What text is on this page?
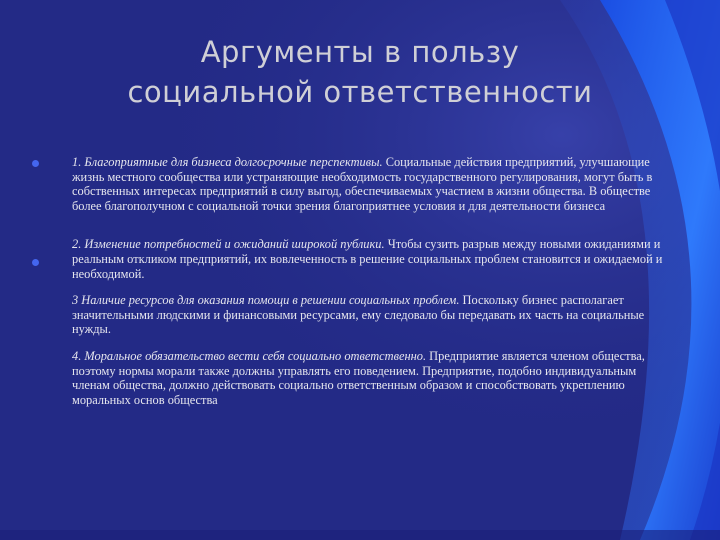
Аргументы в пользу
социальной ответственности

1. Благоприятные для бизнеса долгосрочные перспективы. Социальные действия предприятий, улучшающие жизнь местного сообщества или устраняющие необходимость государственного регулирования, могут быть в собственных интересах предприятий в силу выгод, обеспечиваемых участием в жизни общества. В обществе более благополучном с социальной точки зрения благоприятнее условия и для деятельности бизнеса

2. Изменение потребностей и ожиданий широкой публики. Чтобы сузить разрыв между новыми ожиданиями и реальным откликом предприятий, их вовлеченность в решение социальных проблем становится и ожидаемой и необходимой.

3 Наличие ресурсов для оказания помощи в решении социальных проблем. Поскольку бизнес располагает значительными людскими и финансовыми ресурсами, ему следовало бы передавать их часть на социальные нужды.

4. Моральное обязательство вести себя социально ответственно. Предприятие является членом общества, поэтому нормы морали также должны управлять его поведением. Предприятие, подобно индивидуальным членам общества, должно действовать социально ответственным образом и способствовать укреплению моральных основ общества
